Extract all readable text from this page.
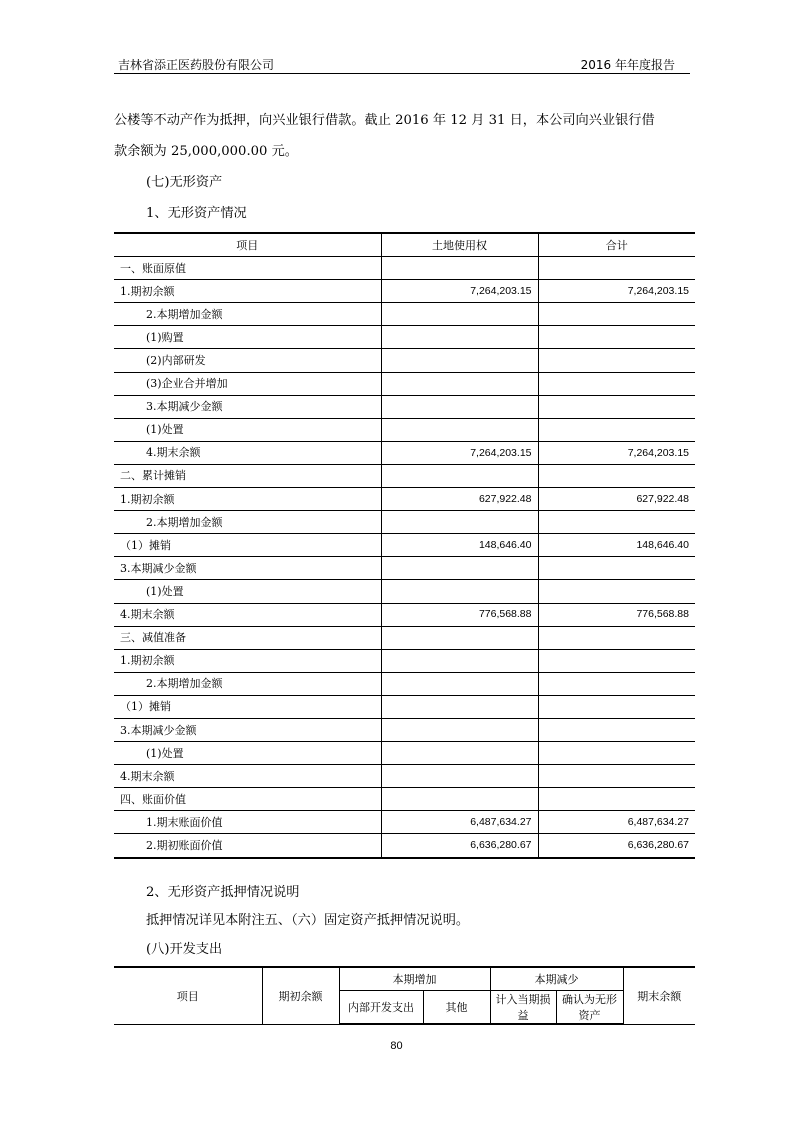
吉林省添正医药股份有限公司	2016 年年度报告
公楼等不动产作为抵押，向兴业银行借款。截止 2016 年 12 月 31 日，本公司向兴业银行借
款余额为 25,000,000.00 元。
(七)无形资产
1、无形资产情况
项目	土地使用权	合计
一、账面原值		
1.期初余额	7,264,203.15	7,264,203.15
2.本期增加金额		
(1)购置		
(2)内部研发		
(3)企业合并增加		
3.本期减少金额		
(1)处置		
4.期末余额	7,264,203.15	7,264,203.15
二、累计摊销		
1.期初余额	627,922.48	627,922.48
2.本期增加金额		
（1）摊销	148,646.40	148,646.40
3.本期减少金额		
(1)处置		
4.期末余额	776,568.88	776,568.88
三、减值准备		
1.期初余额		
2.本期增加金额		
（1）摊销		
3.本期减少金额		
(1)处置		
4.期末余额		
四、账面价值		
1.期末账面价值	6,487,634.27	6,487,634.27
2.期初账面价值	6,636,280.67	6,636,280.67
2、无形资产抵押情况说明
抵押情况详见本附注五、（六）固定资产抵押情况说明。
(八)开发支出
项目	期初余额	本期增加		本期减少		期末余额
		内部开发支出	其他	计入当期损益	确认为无形资产	
80
